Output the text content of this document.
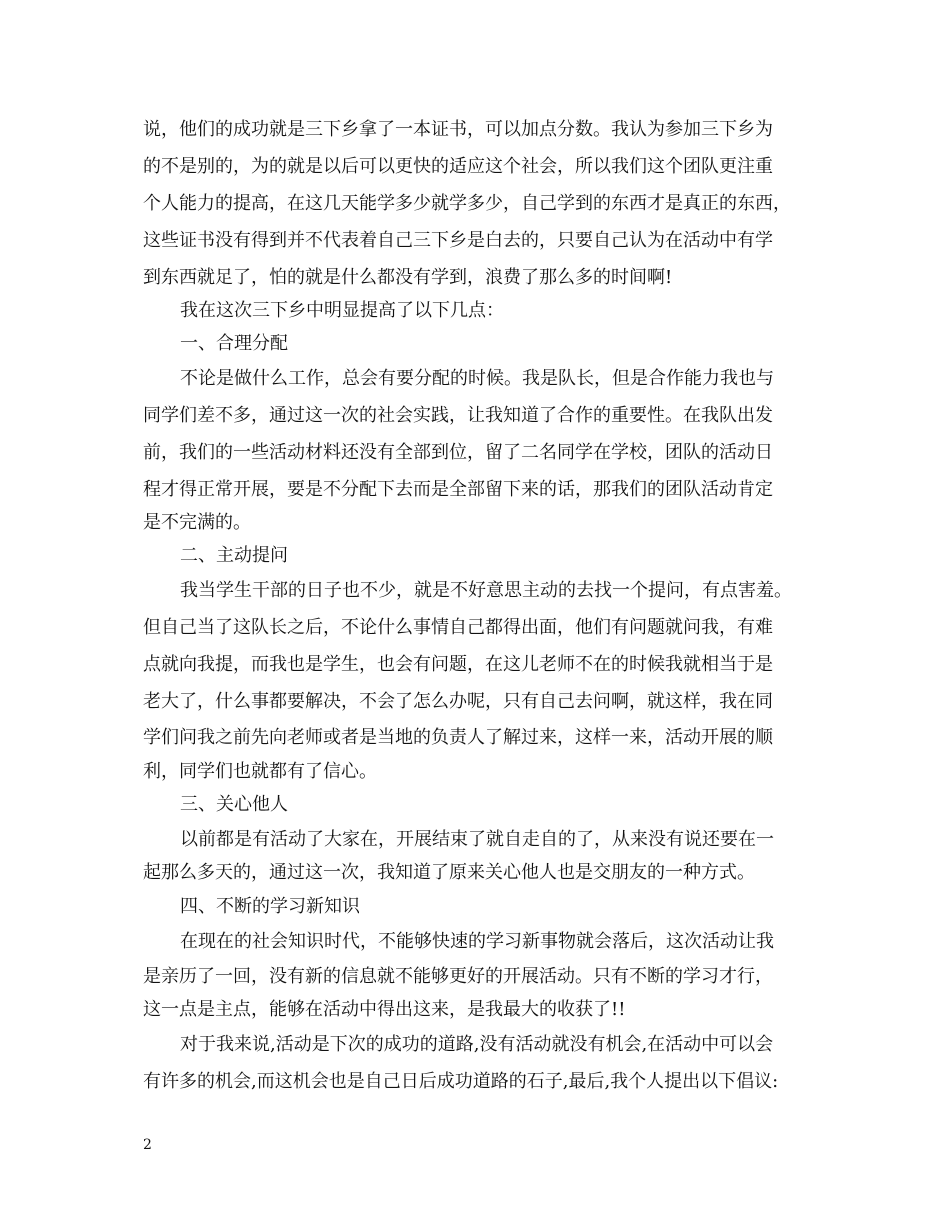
说，他们的成功就是三下乡拿了一本证书，可以加点分数。我认为参加三下乡为
的不是别的，为的就是以后可以更快的适应这个社会，所以我们这个团队更注重
个人能力的提高，在这几天能学多少就学多少，自己学到的东西才是真正的东西，
这些证书没有得到并不代表着自己三下乡是白去的，只要自己认为在活动中有学
到东西就足了，怕的就是什么都没有学到，浪费了那么多的时间啊!
我在这次三下乡中明显提高了以下几点：
一、合理分配
不论是做什么工作，总会有要分配的时候。我是队长，但是合作能力我也与
同学们差不多，通过这一次的社会实践，让我知道了合作的重要性。在我队出发
前，我们的一些活动材料还没有全部到位，留了二名同学在学校，团队的活动日
程才得正常开展，要是不分配下去而是全部留下来的话，那我们的团队活动肯定
是不完满的。
二、主动提问
我当学生干部的日子也不少，就是不好意思主动的去找一个提问，有点害羞。
但自己当了这队长之后，不论什么事情自己都得出面，他们有问题就问我，有难
点就向我提，而我也是学生，也会有问题，在这儿老师不在的时候我就相当于是
老大了，什么事都要解决，不会了怎么办呢，只有自己去问啊，就这样，我在同
学们问我之前先向老师或者是当地的负责人了解过来，这样一来，活动开展的顺
利，同学们也就都有了信心。
三、关心他人
以前都是有活动了大家在，开展结束了就自走自的了，从来没有说还要在一
起那么多天的，通过这一次，我知道了原来关心他人也是交朋友的一种方式。
四、不断的学习新知识
在现在的社会知识时代，不能够快速的学习新事物就会落后，这次活动让我
是亲历了一回，没有新的信息就不能够更好的开展活动。只有不断的学习才行，
这一点是主点，能够在活动中得出这来，是我最大的收获了!!
对于我来说,活动是下次的成功的道路,没有活动就没有机会,在活动中可以会
有许多的机会,而这机会也是自己日后成功道路的石子,最后,我个人提出以下倡议:
2
